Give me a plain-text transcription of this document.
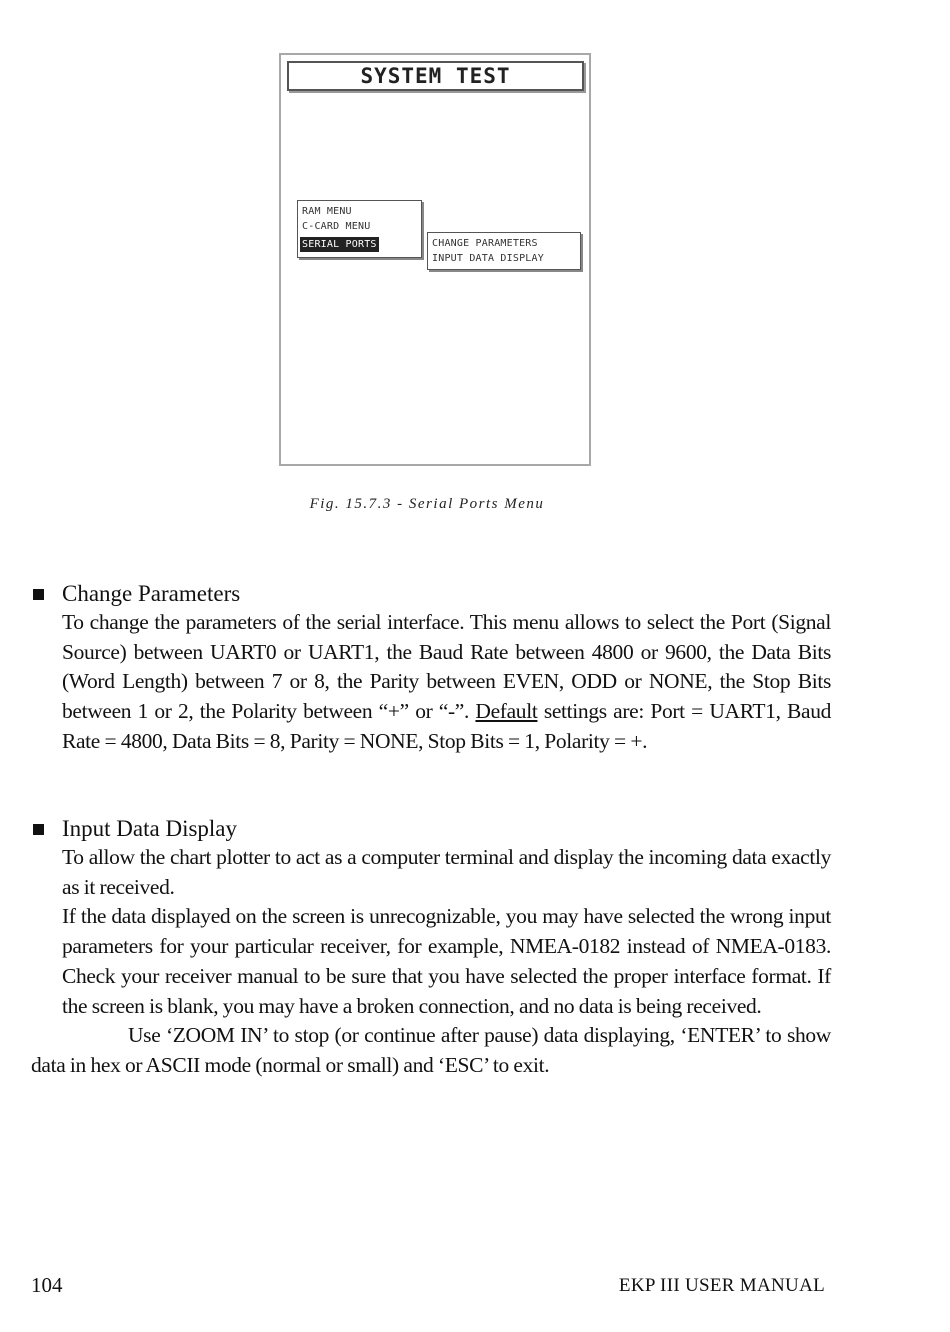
SYSTEM TEST
RAM MENU
C-CARD MENU
SERIAL PORTS	CHANGE PARAMETERS
INPUT DATA DISPLAY
Fig. 15.7.3 - Serial Ports Menu
Change Parameters

To change the parameters of the serial interface. This menu allows to select the Port (Signal Source) between UART0 or UART1, the Baud Rate between 4800 or 9600, the Data Bits (Word Length) between 7 or 8, the Parity between EVEN, ODD or NONE, the Stop Bits between 1 or 2, the Polarity between “+” or “-”. Default settings are: Port = UART1, Baud Rate = 4800, Data Bits = 8, Parity = NONE, Stop Bits = 1, Polarity = +.

Input Data Display

To allow the chart plotter to act as a computer terminal and display the incoming data exactly as it received.

If the data displayed on the screen is unrecognizable, you may have selected the wrong input parameters for your particular receiver, for example, NMEA-0182 instead of NMEA-0183. Check your receiver manual to be sure that you have selected the proper interface format. If the screen is blank, you may have a broken connection, and no data is being received.

Use ‘ZOOM IN’ to stop (or continue after pause) data displaying, ‘ENTER’ to show data in hex or ASCII mode (normal or small) and ‘ESC’ to exit.

104	EKP III USER MANUAL
